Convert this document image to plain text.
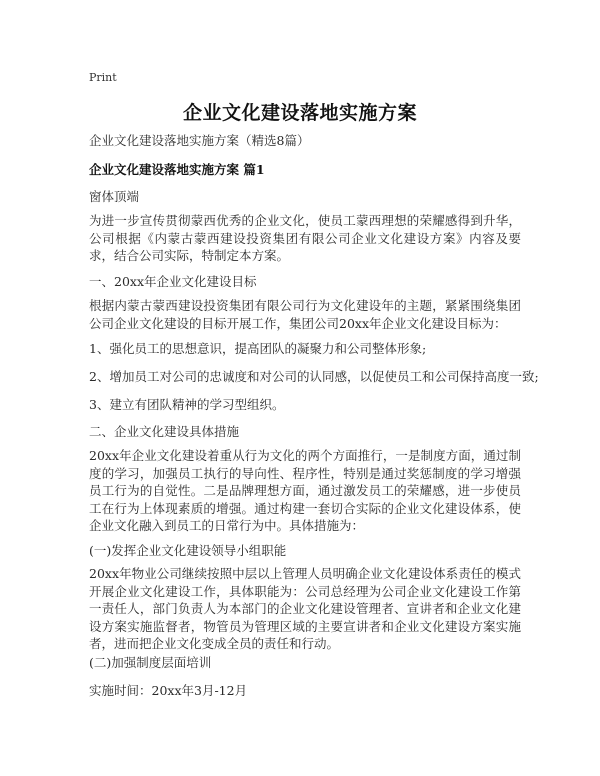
Print
企业文化建设落地实施方案
企业文化建设落地实施方案（精选8篇）
企业文化建设落地实施方案 篇1
窗体顶端
为进一步宣传贯彻蒙西优秀的企业文化，使员工蒙西理想的荣耀感得到升华，公司根据《内蒙古蒙西建设投资集团有限公司企业文化建设方案》内容及要求，结合公司实际，特制定本方案。
一、20xx年企业文化建设目标
根据内蒙古蒙西建设投资集团有限公司行为文化建设年的主题，紧紧围绕集团公司企业文化建设的目标开展工作，集团公司20xx年企业文化建设目标为：
1、强化员工的思想意识，提高团队的凝聚力和公司整体形象;
2、增加员工对公司的忠诚度和对公司的认同感，以促使员工和公司保持高度一致;
3、建立有团队精神的学习型组织。
二、企业文化建设具体措施
20xx年企业文化建设着重从行为文化的两个方面推行，一是制度方面，通过制度的学习，加强员工执行的导向性、程序性，特别是通过奖惩制度的学习增强员工行为的自觉性。二是品牌理想方面，通过激发员工的荣耀感，进一步使员工在行为上体现素质的增强。通过构建一套切合实际的企业文化建设体系，使企业文化融入到员工的日常行为中。具体措施为：
(一)发挥企业文化建设领导小组职能
20xx年物业公司继续按照中层以上管理人员明确企业文化建设体系责任的模式开展企业文化建设工作，具体职能为：公司总经理为公司企业文化建设工作第一责任人，部门负责人为本部门的企业文化建设管理者、宣讲者和企业文化建设方案实施监督者，物管员为管理区域的主要宣讲者和企业文化建设方案实施者，进而把企业文化变成全员的责任和行动。
(二)加强制度层面培训
实施时间：20xx年3月-12月
